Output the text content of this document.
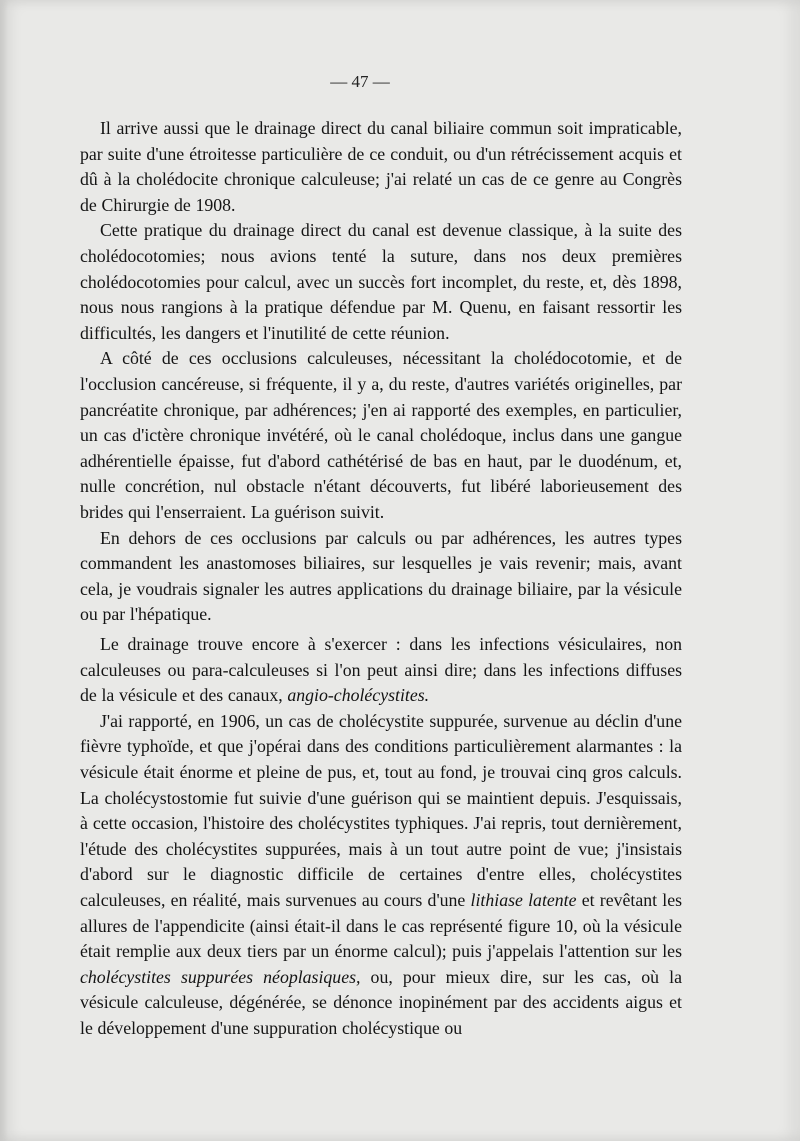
— 47 —

Il arrive aussi que le drainage direct du canal biliaire commun soit impraticable, par suite d'une étroitesse particulière de ce conduit, ou d'un rétrécissement acquis et dû à la cholédocite chronique calculeuse; j'ai relaté un cas de ce genre au Congrès de Chirurgie de 1908.

Cette pratique du drainage direct du canal est devenue classique, à la suite des cholédocotomies; nous avions tenté la suture, dans nos deux premières cholédocotomies pour calcul, avec un succès fort incomplet, du reste, et, dès 1898, nous nous rangions à la pratique défendue par M. Quenu, en faisant ressortir les difficultés, les dangers et l'inutilité de cette réunion.

A côté de ces occlusions calculeuses, nécessitant la cholédocotomie, et de l'occlusion cancéreuse, si fréquente, il y a, du reste, d'autres variétés originelles, par pancréatite chronique, par adhérences; j'en ai rapporté des exemples, en particulier, un cas d'ictère chronique invétéré, où le canal cholédoque, inclus dans une gangue adhérentielle épaisse, fut d'abord cathétérisé de bas en haut, par le duodénum, et, nulle concrétion, nul obstacle n'étant découverts, fut libéré laborieusement des brides qui l'enserraient. La guérison suivit.

En dehors de ces occlusions par calculs ou par adhérences, les autres types commandent les anastomoses biliaires, sur lesquelles je vais revenir; mais, avant cela, je voudrais signaler les autres applications du drainage biliaire, par la vésicule ou par l'hépatique.

Le drainage trouve encore à s'exercer : dans les infections vésiculaires, non calculeuses ou para-calculeuses si l'on peut ainsi dire; dans les infections diffuses de la vésicule et des canaux, angio-cholécystites.

J'ai rapporté, en 1906, un cas de cholécystite suppurée, survenue au déclin d'une fièvre typhoïde, et que j'opérai dans des conditions particulièrement alarmantes : la vésicule était énorme et pleine de pus, et, tout au fond, je trouvai cinq gros calculs. La cholécystostomie fut suivie d'une guérison qui se maintient depuis. J'esquissais, à cette occasion, l'histoire des cholécystites typhiques. J'ai repris, tout dernièrement, l'étude des cholécystites suppurées, mais à un tout autre point de vue; j'insistais d'abord sur le diagnostic difficile de certaines d'entre elles, cholécystites calculeuses, en réalité, mais survenues au cours d'une lithiase latente et revêtant les allures de l'appendicite (ainsi était-il dans le cas représenté figure 10, où la vésicule était remplie aux deux tiers par un énorme calcul); puis j'appelais l'attention sur les cholécystites suppurées néoplasiques, ou, pour mieux dire, sur les cas, où la vésicule calculeuse, dégénérée, se dénonce inopinément par des accidents aigus et le développement d'une suppuration cholécystique ou
